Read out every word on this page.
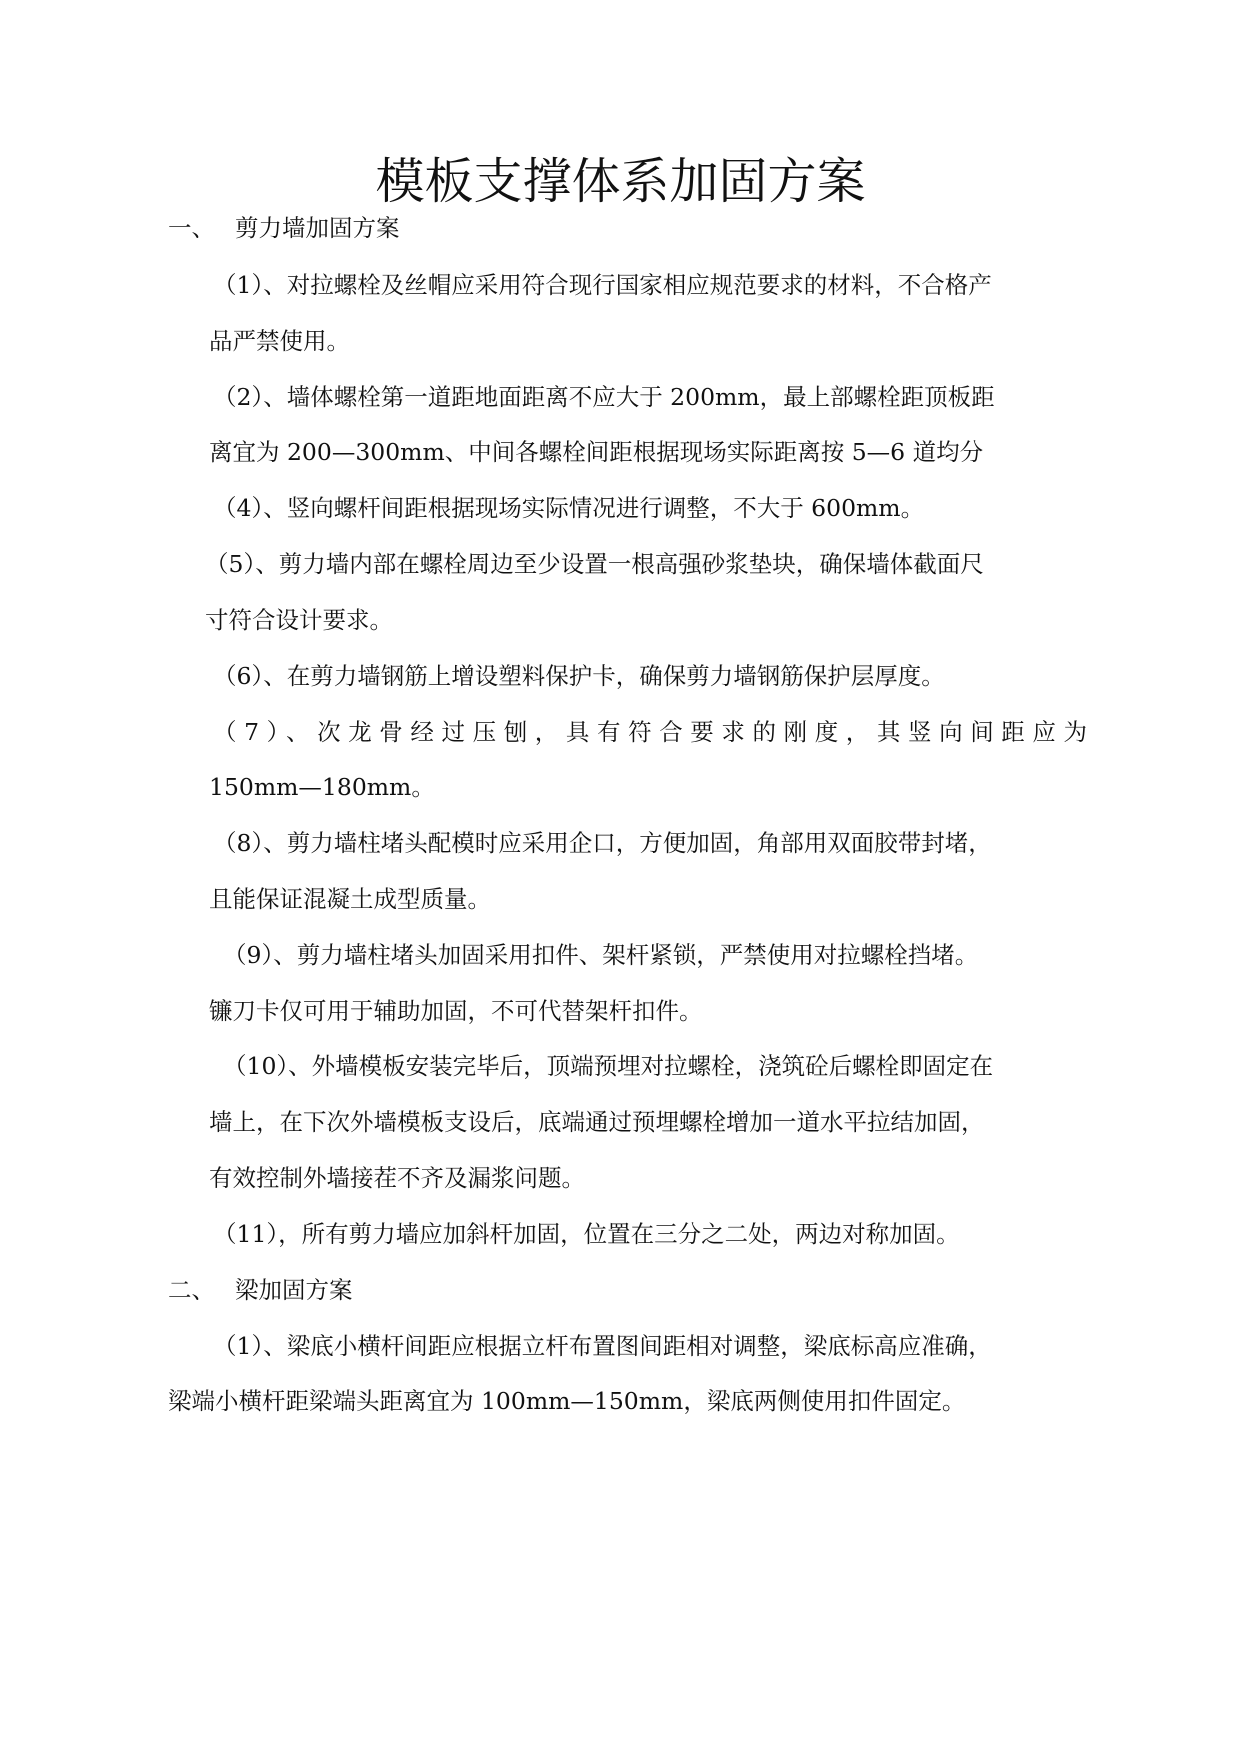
模板支撑体系加固方案
一、 剪力墙加固方案
（1）、对拉螺栓及丝帽应采用符合现行国家相应规范要求的材料，不合格产
品严禁使用。
（2）、墙体螺栓第一道距地面距离不应大于 200mm，最上部螺栓距顶板距
离宜为 200—300mm、中间各螺栓间距根据现场实际距离按 5—6 道均分
（4）、竖向螺杆间距根据现场实际情况进行调整，不大于 600mm。
（5）、剪力墙内部在螺栓周边至少设置一根高强砂浆垫块，确保墙体截面尺
寸符合设计要求。
（6）、在剪力墙钢筋上增设塑料保护卡，确保剪力墙钢筋保护层厚度。
（7）、次龙骨经过压刨，具有符合要求的刚度，其竖向间距应为
150mm—180mm。
（8）、剪力墙柱堵头配模时应采用企口，方便加固，角部用双面胶带封堵，
且能保证混凝土成型质量。
（9）、剪力墙柱堵头加固采用扣件、架杆紧锁，严禁使用对拉螺栓挡堵。
镰刀卡仅可用于辅助加固，不可代替架杆扣件。
（10）、外墙模板安装完毕后，顶端预埋对拉螺栓，浇筑砼后螺栓即固定在
墙上，在下次外墙模板支设后，底端通过预埋螺栓增加一道水平拉结加固，
有效控制外墙接茬不齐及漏浆问题。
（11），所有剪力墙应加斜杆加固，位置在三分之二处，两边对称加固。
二、 梁加固方案
（1）、梁底小横杆间距应根据立杆布置图间距相对调整，梁底标高应准确，
梁端小横杆距梁端头距离宜为 100mm—150mm，梁底两侧使用扣件固定。
